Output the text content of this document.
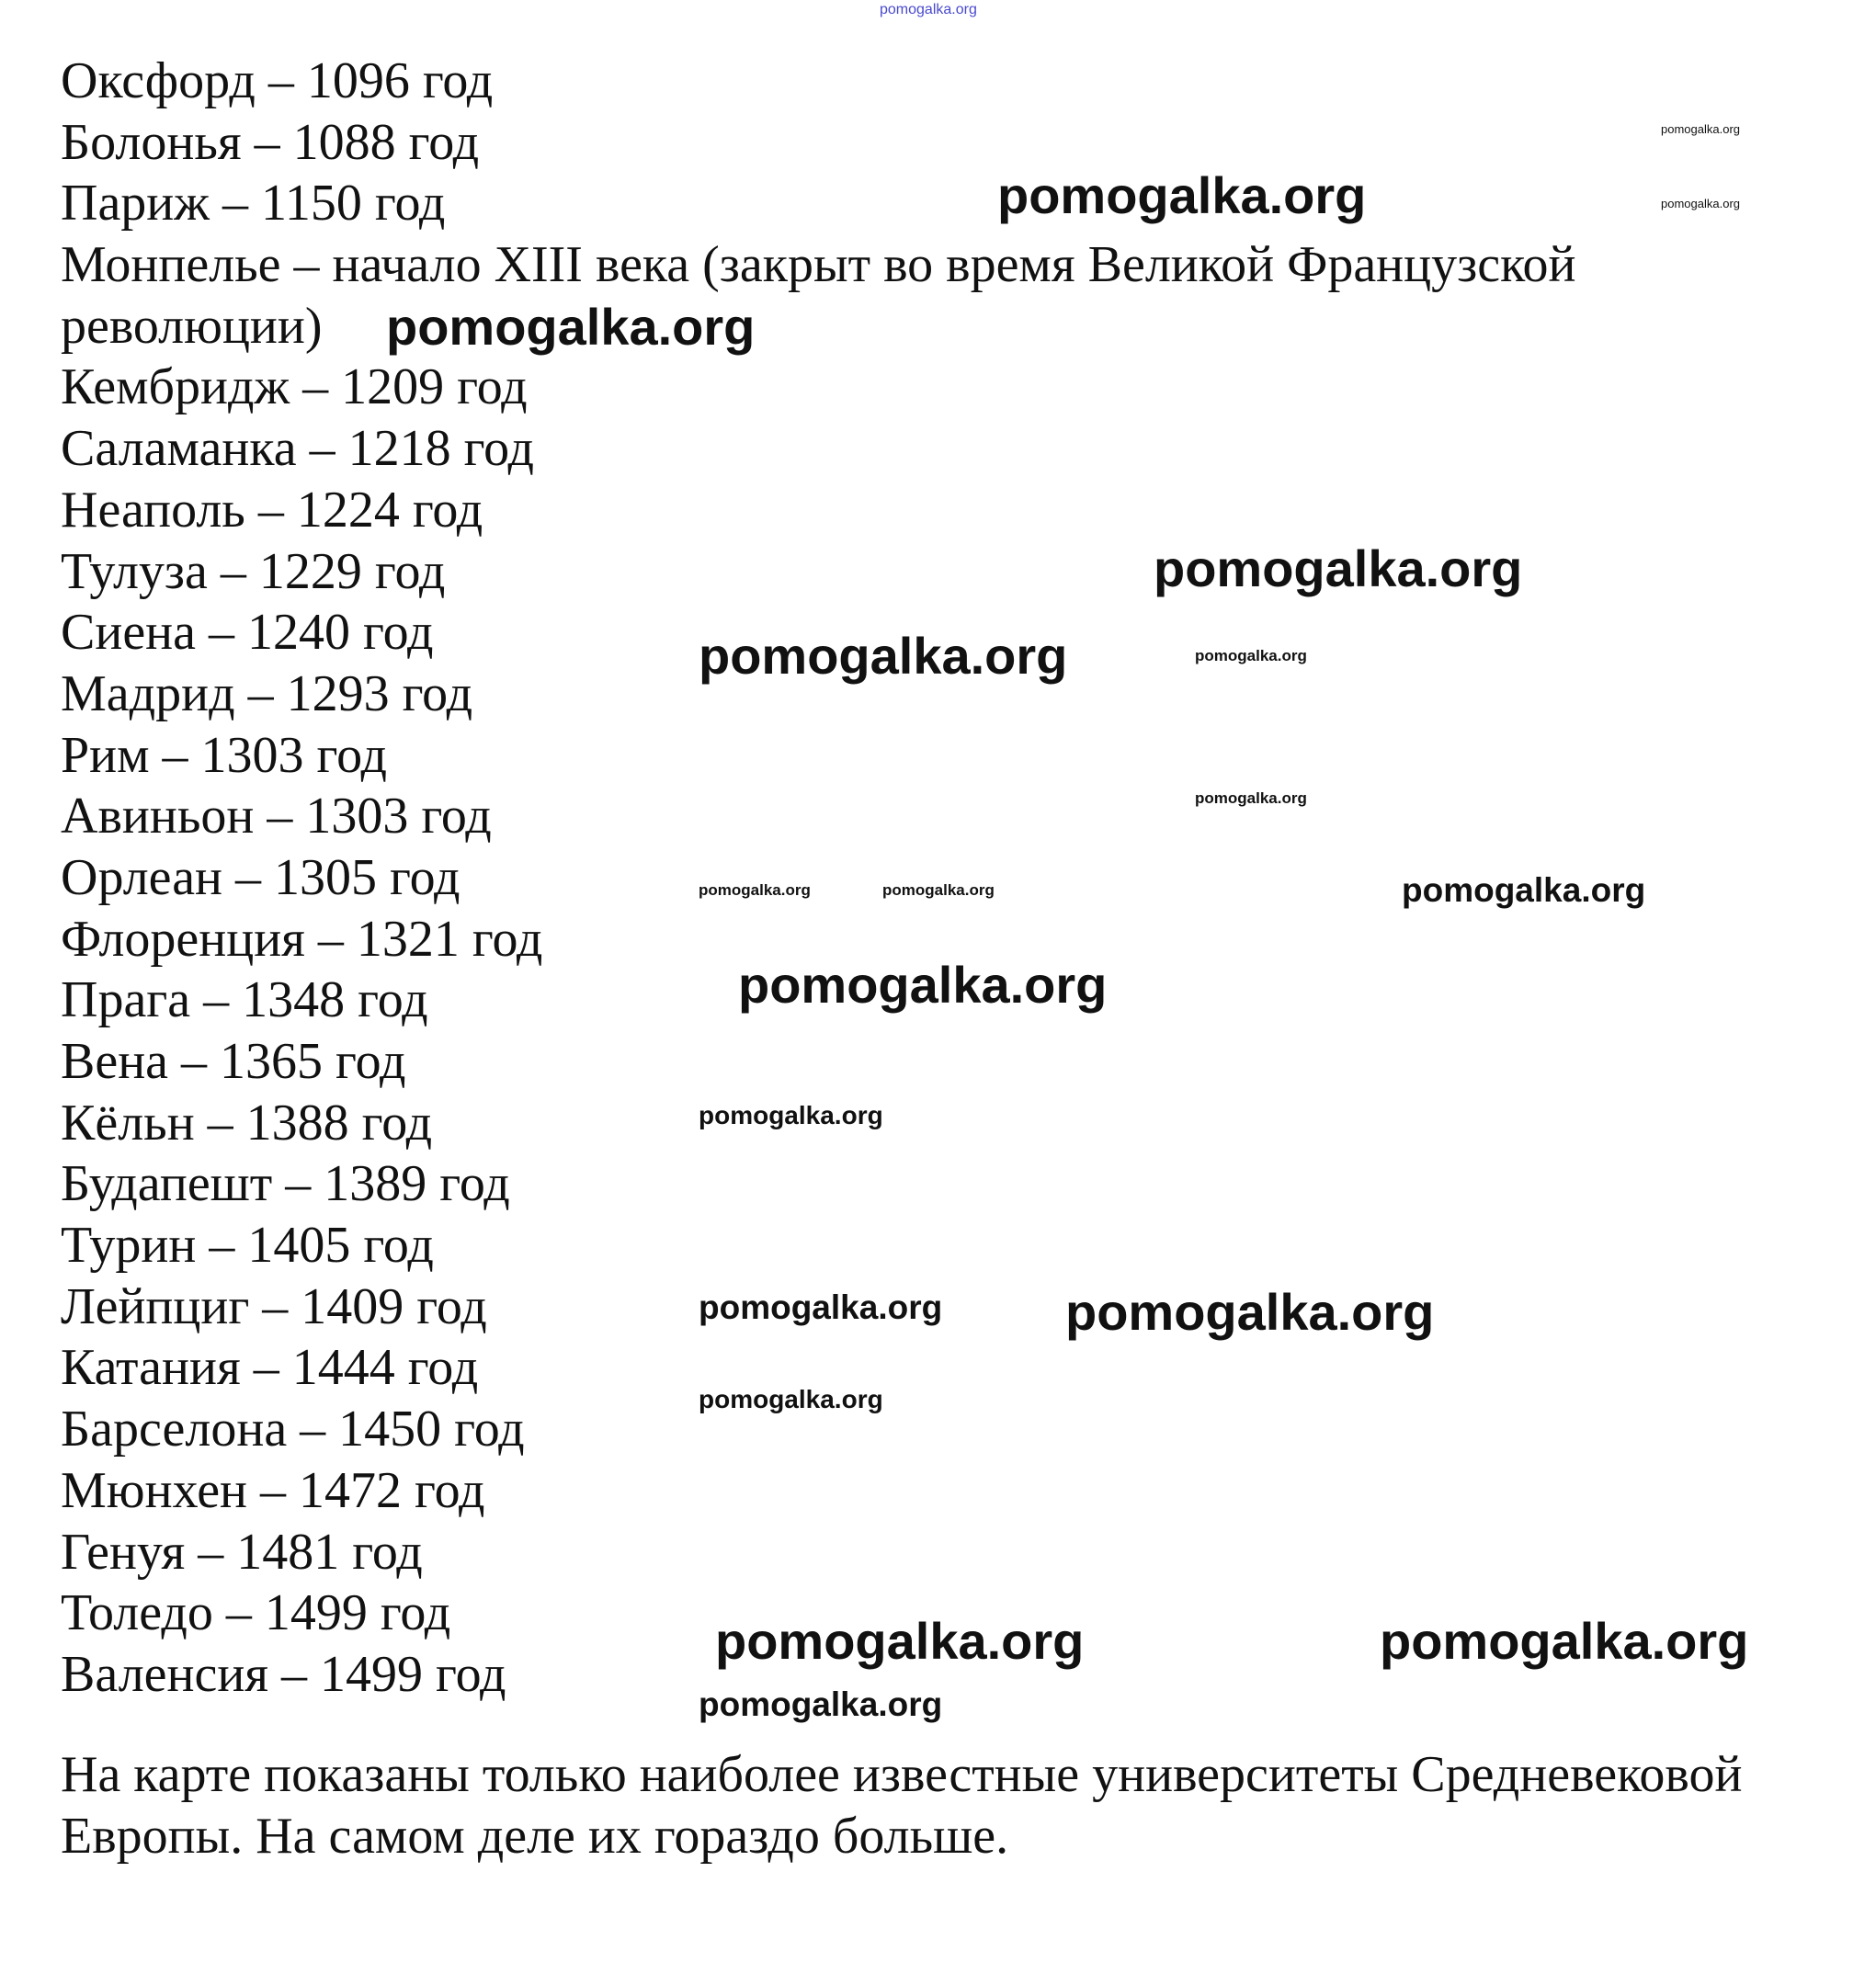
Оксфорд – 1096 год
Болонья – 1088 год
Париж – 1150 год
Монпелье – начало XIII века (закрыт во время Великой Французской
революции)
Кембридж – 1209 год
Саламанка – 1218 год
Неаполь – 1224 год
Тулуза – 1229 год
Сиена – 1240 год
Мадрид – 1293 год
Рим – 1303 год
Авиньон – 1303 год
Орлеан – 1305 год
Флоренция – 1321 год
Прага – 1348 год
Вена – 1365 год
Кёльн – 1388 год
Будапешт – 1389 год
Турин – 1405 год
Лейпциг – 1409 год
Катания – 1444 год
Барселона – 1450 год
Мюнхен – 1472 год
Генуя – 1481 год
Толедо – 1499 год
Валенсия – 1499 год
На карте показаны только наиболее известные университеты Средневековой Европы. На самом деле их гораздо больше.
pomogalka.org
pomogalka.org
pomogalka.org
pomogalka.org
pomogalka.org
pomogalka.org
pomogalka.org
pomogalka.org
pomogalka.org
pomogalka.org
pomogalka.org
pomogalka.org	pomogalka.org
pomogalka.org
pomogalka.org pomogalka.org
pomogalka.org
pomogalka.org	pomogalka.org
pomogalka.org
